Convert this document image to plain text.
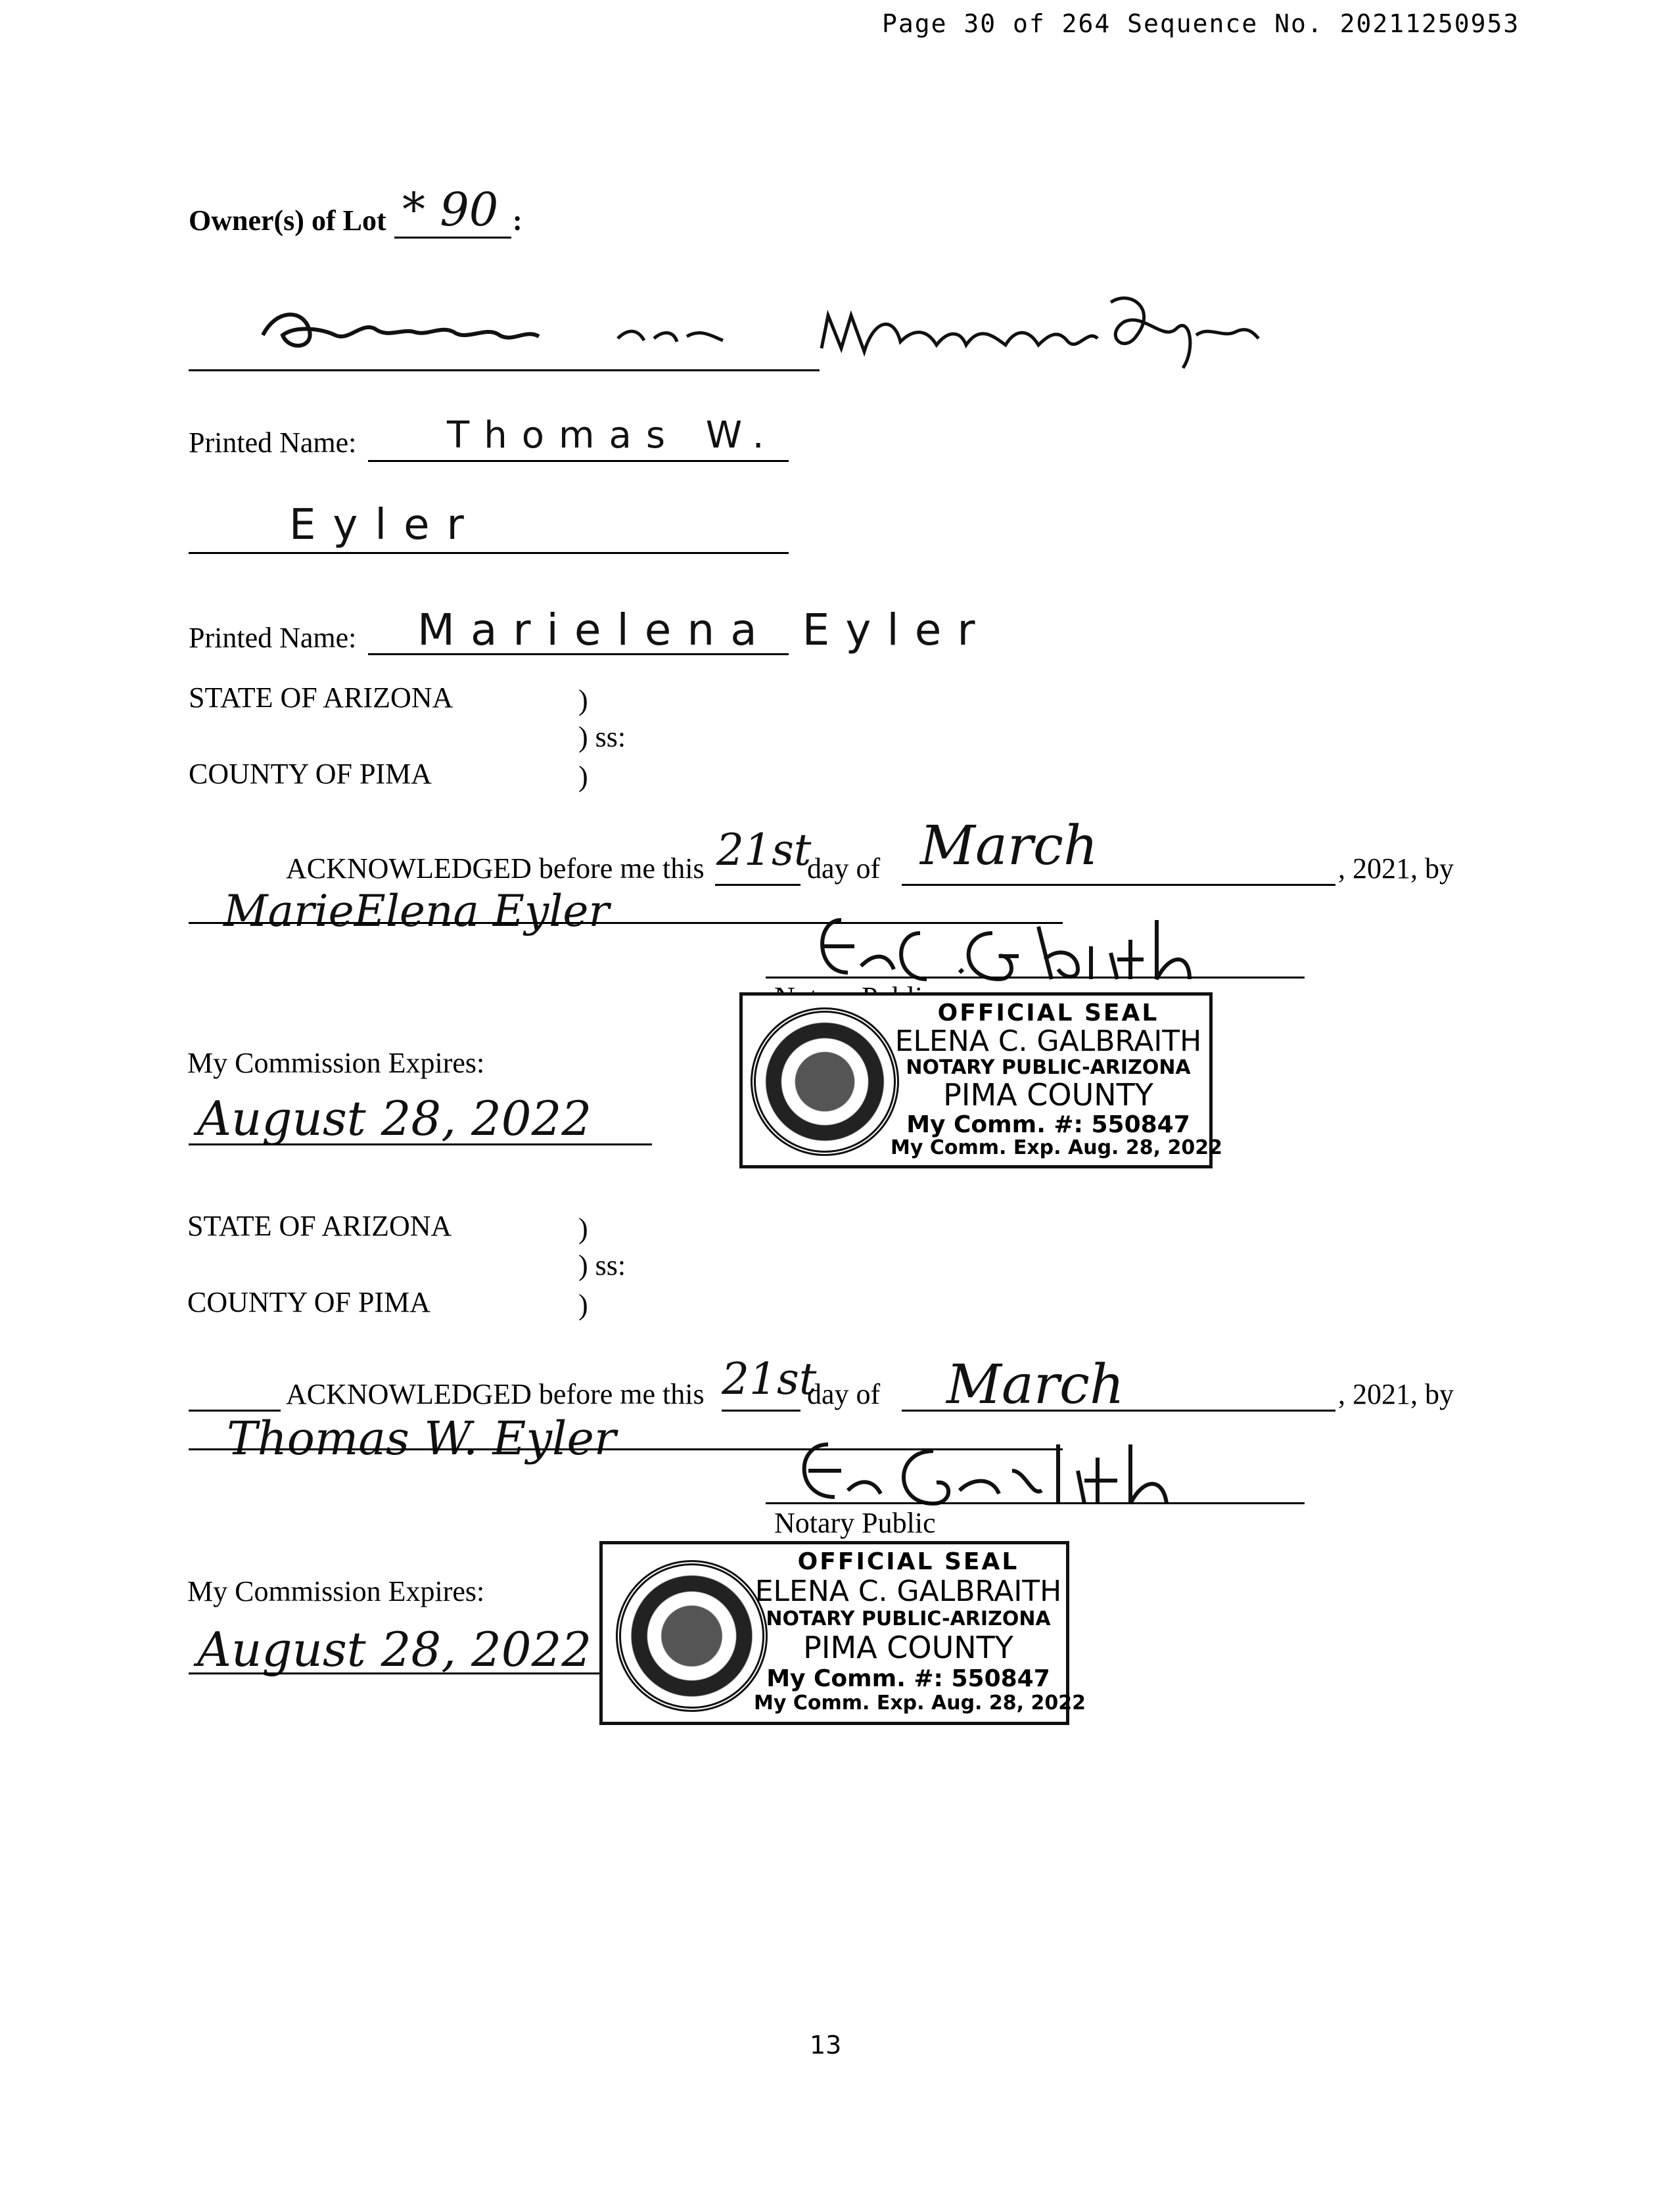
Page 30 of 264 Sequence No. 20211250953
Owner(s) of Lot * 90 :
Printed Name: Thomas W.
Eyler
Printed Name: Marielena Eyler
STATE OF ARIZONA	)
) ss:
COUNTY OF PIMA	)
ACKNOWLEDGED before me this 21st
day of March	, 2021, by
MarieElena Eyler
OFFICIAL SEAL
ELENA C. GALBRAITH
NOTARY PUBLIC-ARIZONA
PIMA COUNTY
My Comm. #: 550847
My Comm. Exp. Aug. 28, 2022
My Commission Expires:
August 28, 2022
STATE OF ARIZONA	)
) ss:
COUNTY OF PIMA	)
ACKNOWLEDGED before me this 21st
day of March	, 2021, by
Thomas W. Eyler
Notary Public
OFFICIAL SEAL
ELENA C. GALBRAITH
NOTARY PUBLIC-ARIZONA
PIMA COUNTY
My Comm. #: 550847
My Comm. Exp. Aug. 28, 2022
My Commission Expires:
August 28, 2022
13
